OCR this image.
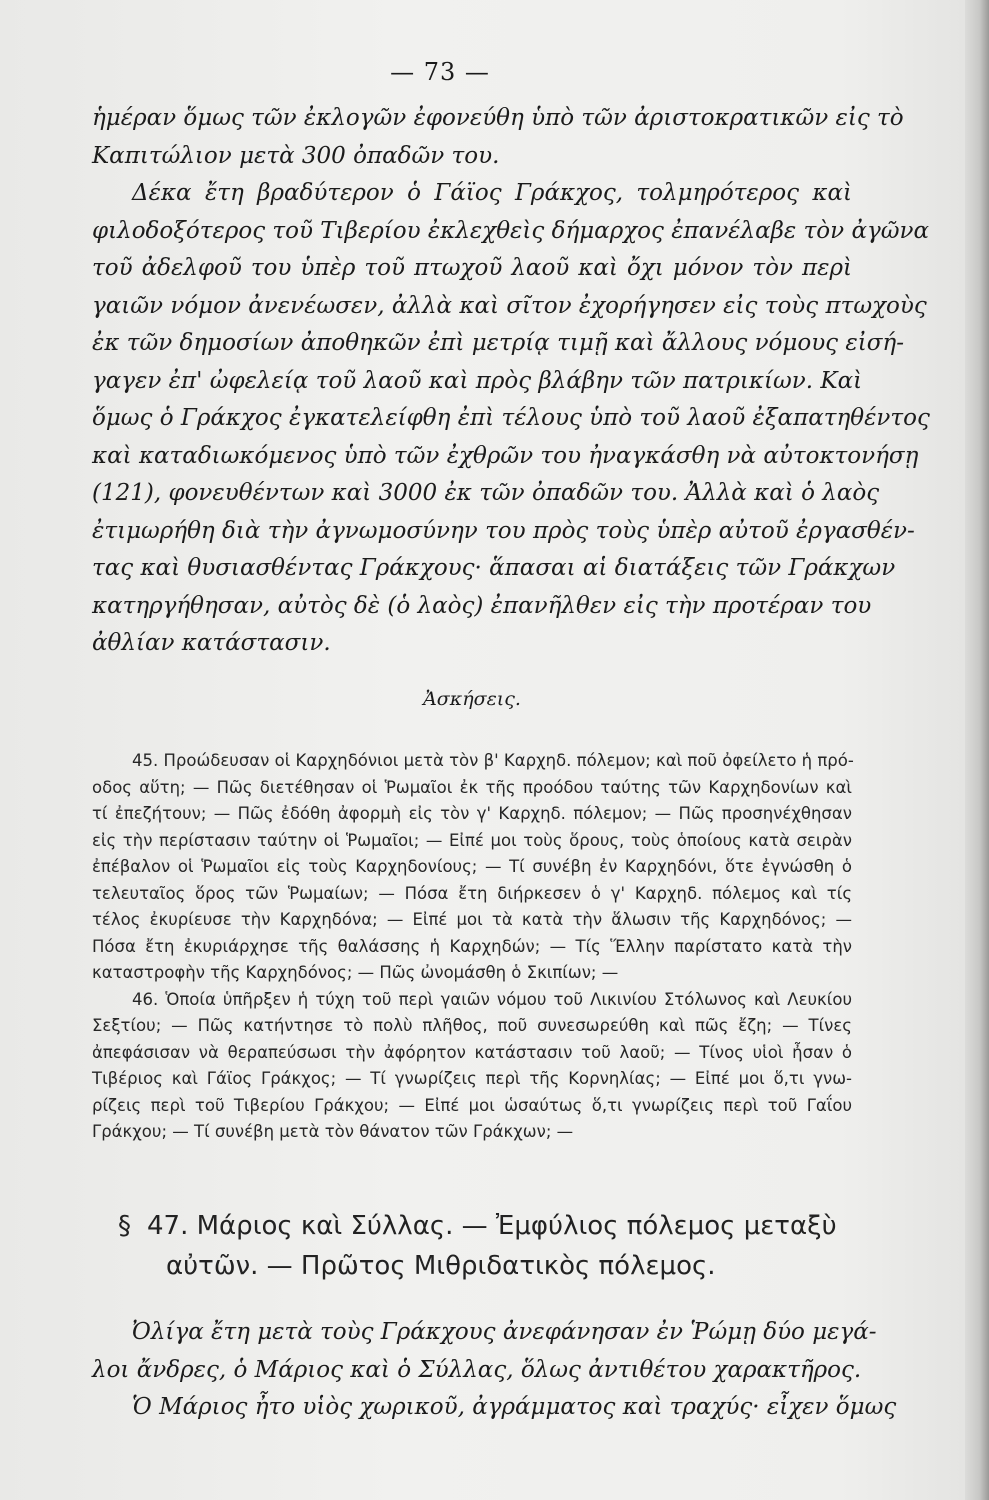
— 73 —
ἡμέραν ὅμως τῶν ἐκλογῶν ἐφονεύθη ὑπὸ τῶν ἀριστοκρατικῶν εἰς τὸ
Καπιτώλιον μετὰ 300 ὀπαδῶν του.
Δέκα ἔτη βραδύτερον ὁ Γάϊος Γράκχος, τολμηρότερος καὶ
φιλοδοξότερος τοῦ Τιβερίου ἐκλεχθεὶς δήμαρχος ἐπανέλαβε τὸν ἀγῶνα
τοῦ ἀδελφοῦ του ὑπὲρ τοῦ πτωχοῦ λαοῦ καὶ ὄχι μόνον τὸν περὶ
γαιῶν νόμον ἀνενέωσεν, ἀλλὰ καὶ σῖτον ἐχορήγησεν εἰς τοὺς πτωχοὺς
ἐκ τῶν δημοσίων ἀποθηκῶν ἐπὶ μετρίᾳ τιμῇ καὶ ἄλλους νόμους εἰσή-
γαγεν ἐπ' ὠφελείᾳ τοῦ λαοῦ καὶ πρὸς βλάβην τῶν πατρικίων. Καὶ
ὅμως ὁ Γράκχος ἐγκατελείφθη ἐπὶ τέλους ὑπὸ τοῦ λαοῦ ἐξαπατηθέντος
καὶ καταδιωκόμενος ὑπὸ τῶν ἐχθρῶν του ἠναγκάσθη νὰ αὐτοκτονήσῃ
(121), φονευθέντων καὶ 3000 ἐκ τῶν ὀπαδῶν του. Ἀλλὰ καὶ ὁ λαὸς
ἐτιμωρήθη διὰ τὴν ἀγνωμοσύνην του πρὸς τοὺς ὑπὲρ αὐτοῦ ἐργασθέν-
τας καὶ θυσιασθέντας Γράκχους· ἅπασαι αἱ διατάξεις τῶν Γράκχων
κατηργήθησαν, αὐτὸς δὲ (ὁ λαὸς) ἐπανῆλθεν εἰς τὴν προτέραν του
ἀθλίαν κατάστασιν.
Ἀσκήσεις.
45. Προώδευσαν οἱ Καρχηδόνιοι μετὰ τὸν β' Καρχηδ. πόλεμον; καὶ ποῦ ὀφείλετο ἡ πρό-
οδος αὕτη; — Πῶς διετέθησαν οἱ Ῥωμαῖοι ἐκ τῆς προόδου ταύτης τῶν Καρχηδονίων καὶ
τί ἐπεζήτουν; — Πῶς ἐδόθη ἀφορμὴ εἰς τὸν γ' Καρχηδ. πόλεμον; — Πῶς προσηνέχθησαν
εἰς τὴν περίστασιν ταύτην οἱ Ῥωμαῖοι; — Εἰπέ μοι τοὺς ὅρους, τοὺς ὁποίους κατὰ σειρὰν
ἐπέβαλον οἱ Ῥωμαῖοι εἰς τοὺς Καρχηδονίους; — Τί συνέβη ἐν Καρχηδόνι, ὅτε ἐγνώσθη ὁ
τελευταῖος ὅρος τῶν Ῥωμαίων; — Πόσα ἔτη διήρκεσεν ὁ γ' Καρχηδ. πόλεμος καὶ τίς
τέλος ἐκυρίευσε τὴν Καρχηδόνα; — Εἰπέ μοι τὰ κατὰ τὴν ἅλωσιν τῆς Καρχηδόνος; —
Πόσα ἔτη ἐκυριάρχησε τῆς θαλάσσης ἡ Καρχηδών; — Τίς Ἕλλην παρίστατο κατὰ τὴν
καταστροφὴν τῆς Καρχηδόνος; — Πῶς ὠνομάσθη ὁ Σκιπίων; —
46. Ὁποία ὑπῆρξεν ἡ τύχη τοῦ περὶ γαιῶν νόμου τοῦ Λικινίου Στόλωνος καὶ Λευκίου
Σεξτίου; — Πῶς κατήντησε τὸ πολὺ πλῆθος, ποῦ συνεσωρεύθη καὶ πῶς ἔζη; — Τίνες
ἀπεφάσισαν νὰ θεραπεύσωσι τὴν ἀφόρητον κατάστασιν τοῦ λαοῦ; — Τίνος υἱοὶ ἦσαν ὁ
Τιβέριος καὶ Γάϊος Γράκχος; — Τί γνωρίζεις περὶ τῆς Κορνηλίας; — Εἰπέ μοι ὅ,τι γνω-
ρίζεις περὶ τοῦ Τιβερίου Γράκχου; — Εἰπέ μοι ὡσαύτως ὅ,τι γνωρίζεις περὶ τοῦ Γαΐου
Γράκχου; — Τί συνέβη μετὰ τὸν θάνατον τῶν Γράκχων; —
§ 47. Μάριος καὶ Σύλλας. — Ἐμφύλιος πόλεμος μεταξὺ
αὐτῶν. — Πρῶτος Μιθριδατικὸς πόλεμος.
Ὀλίγα ἔτη μετὰ τοὺς Γράκχους ἀνεφάνησαν ἐν Ῥώμῃ δύο μεγά-
λοι ἄνδρες, ὁ Μάριος καὶ ὁ Σύλλας, ὅλως ἀντιθέτου χαρακτῆρος.
Ὁ Μάριος ἦτο υἱὸς χωρικοῦ, ἀγράμματος καὶ τραχύς· εἶχεν ὅμως
